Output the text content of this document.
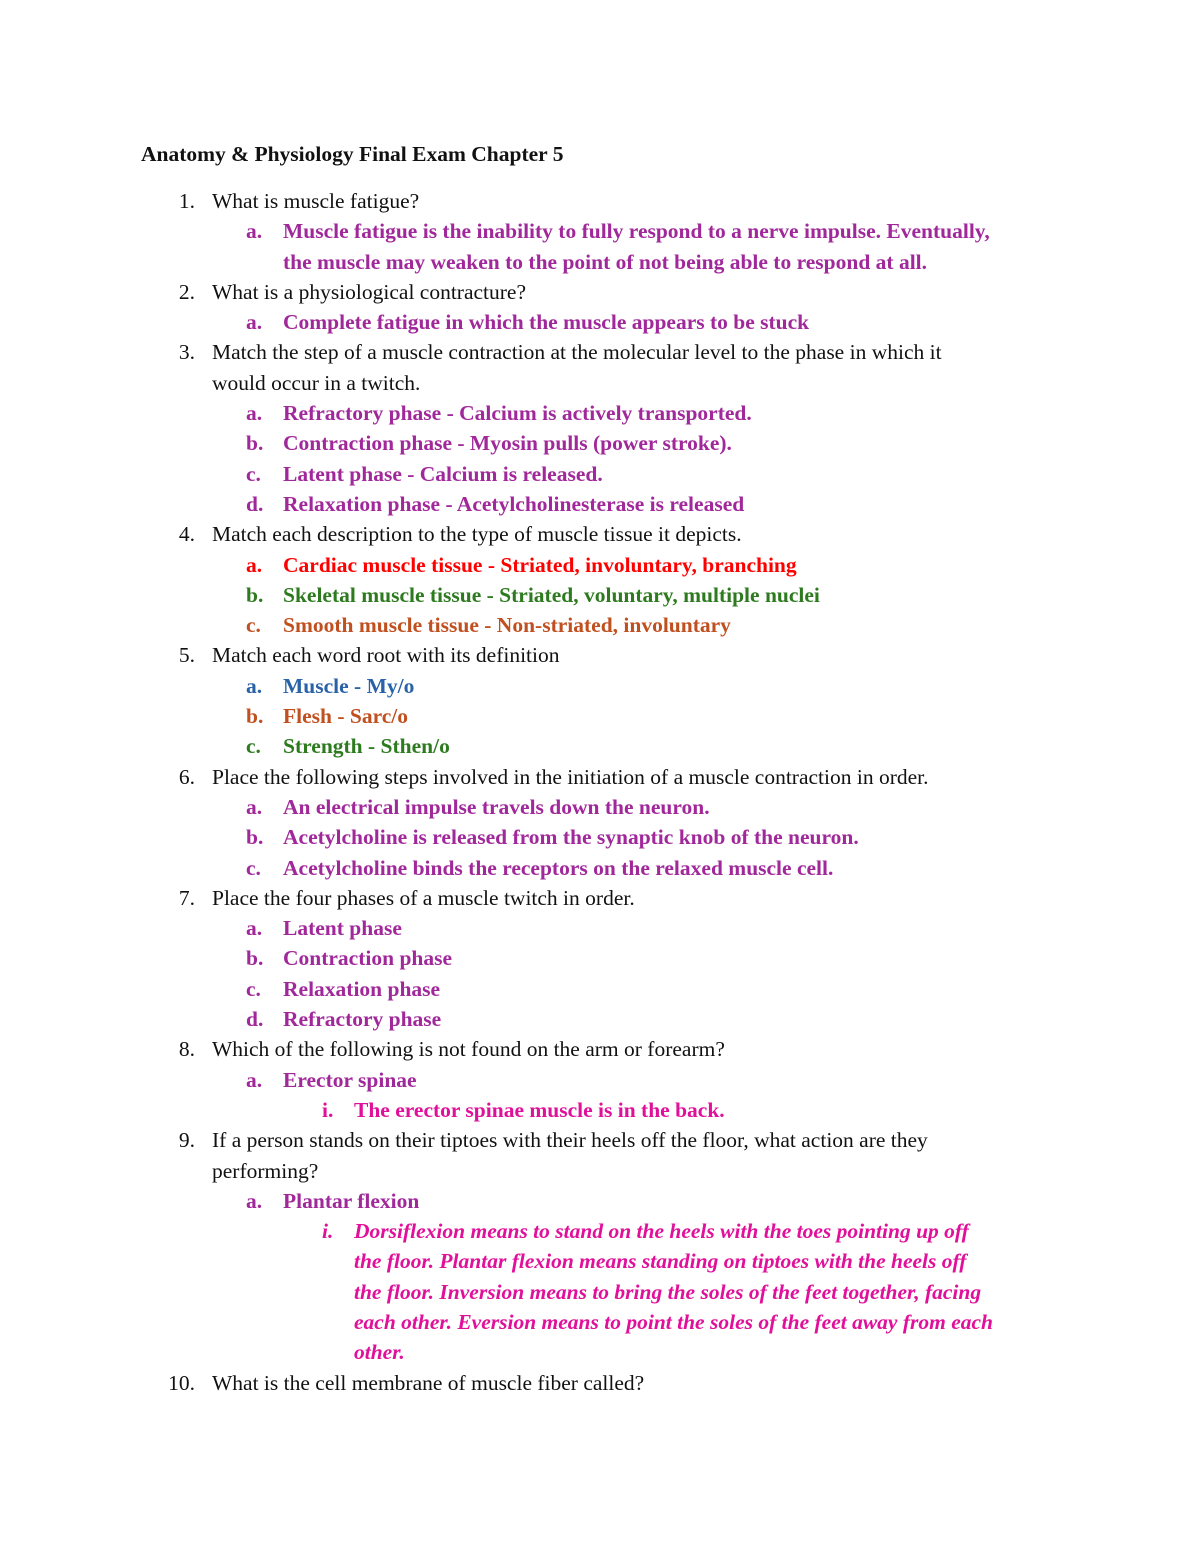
Anatomy & Physiology Final Exam Chapter 5
1. What is muscle fatigue?
a. Muscle fatigue is the inability to fully respond to a nerve impulse. Eventually,
the muscle may weaken to the point of not being able to respond at all.
2. What is a physiological contracture?
a. Complete fatigue in which the muscle appears to be stuck
3. Match the step of a muscle contraction at the molecular level to the phase in which it
would occur in a twitch.
a. Refractory phase - Calcium is actively transported.
b. Contraction phase - Myosin pulls (power stroke).
c. Latent phase - Calcium is released.
d. Relaxation phase - Acetylcholinesterase is released
4. Match each description to the type of muscle tissue it depicts.
a. Cardiac muscle tissue - Striated, involuntary, branching
b. Skeletal muscle tissue - Striated, voluntary, multiple nuclei
c. Smooth muscle tissue - Non-striated, involuntary
5. Match each word root with its definition
a. Muscle - My/o
b. Flesh - Sarc/o
c. Strength - Sthen/o
6. Place the following steps involved in the initiation of a muscle contraction in order.
a. An electrical impulse travels down the neuron.
b. Acetylcholine is released from the synaptic knob of the neuron.
c. Acetylcholine binds the receptors on the relaxed muscle cell.
7. Place the four phases of a muscle twitch in order.
a. Latent phase
b. Contraction phase
c. Relaxation phase
d. Refractory phase
8. Which of the following is not found on the arm or forearm?
a. Erector spinae
i. The erector spinae muscle is in the back.
9. If a person stands on their tiptoes with their heels off the floor, what action are they
performing?
a. Plantar flexion
i. Dorsiflexion means to stand on the heels with the toes pointing up off
the floor. Plantar flexion means standing on tiptoes with the heels off
the floor. Inversion means to bring the soles of the feet together, facing
each other. Eversion means to point the soles of the feet away from each
other.
10. What is the cell membrane of muscle fiber called?
